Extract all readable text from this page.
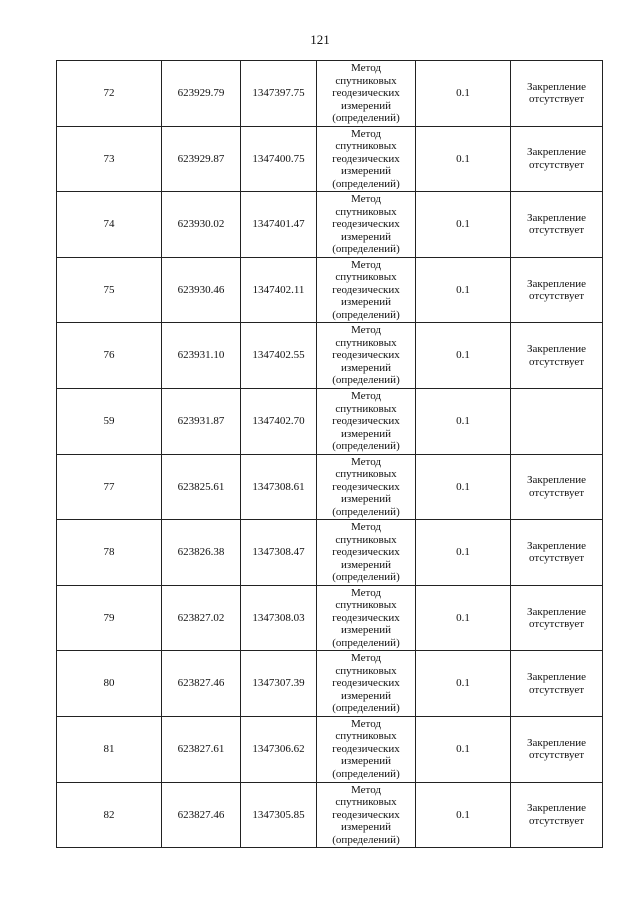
121
72	623929.79	1347397.75	Метод
спутниковых
геодезических
измерений
(определений)	0.1	Закрепление
отсутствует

73	623929.87	1347400.75	Метод
спутниковых
геодезических
измерений
(определений)	0.1	Закрепление
отсутствует

74	623930.02	1347401.47	Метод
спутниковых
геодезических
измерений
(определений)	0.1	Закрепление
отсутствует

75	623930.46	1347402.11	Метод
спутниковых
геодезических
измерений
(определений)	0.1	Закрепление
отсутствует

76	623931.10	1347402.55	Метод
спутниковых
геодезических
измерений
(определений)	0.1	Закрепление
отсутствует

59	623931.87	1347402.70	Метод
спутниковых
геодезических
измерений
(определений)	0.1	
77	623825.61	1347308.61	Метод
спутниковых
геодезических
измерений
(определений)	0.1	Закрепление
отсутствует

78	623826.38	1347308.47	Метод
спутниковых
геодезических
измерений
(определений)	0.1	Закрепление
отсутствует

79	623827.02	1347308.03	Метод
спутниковых
геодезических
измерений
(определений)	0.1	Закрепление
отсутствует

80	623827.46	1347307.39	Метод
спутниковых
геодезических
измерений
(определений)	0.1	Закрепление
отсутствует

81	623827.61	1347306.62	Метод
спутниковых
геодезических
измерений
(определений)	0.1	Закрепление
отсутствует

82	623827.46	1347305.85	Метод
спутниковых
геодезических
измерений
(определений)	0.1	Закрепление
отсутствует
